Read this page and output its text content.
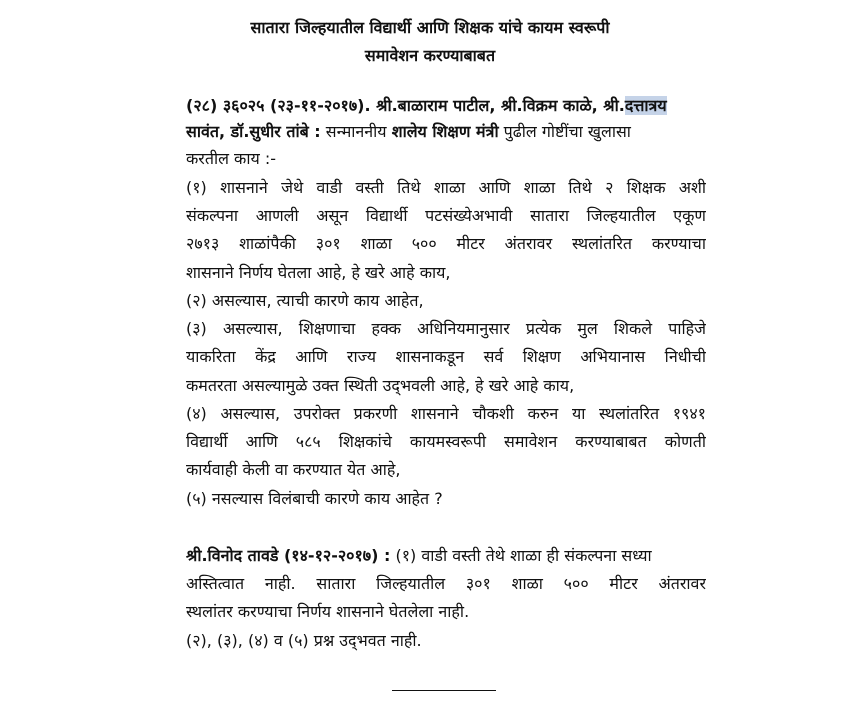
सातारा जिल्हयातील विद्यार्थी आणि शिक्षक यांचे कायम स्वरूपी
समावेशन करण्याबाबत
(२८) ३६०२५ (२३-११-२०१७). श्री.बाळाराम पाटील, श्री.विक्रम काळे, श्री.दत्तात्रय
सावंत, डॉ.सुधीर तांबे : सन्माननीय शालेय शिक्षण मंत्री पुढील गोष्टींचा खुलासा
करतील काय :-
(१) शासनाने जेथे वाडी वस्ती तिथे शाळा आणि शाळा तिथे २ शिक्षक अशी
संकल्पना आणली असून विद्यार्थी पटसंख्येअभावी सातारा जिल्हयातील एकूण
२७१३ शाळांपैकी ३०१ शाळा ५०० मीटर अंतरावर स्थलांतरित करण्याचा
शासनाने निर्णय घेतला आहे, हे खरे आहे काय,
(२) असल्यास, त्याची कारणे काय आहेत,
(३) असल्यास, शिक्षणाचा हक्क अधिनियमानुसार प्रत्येक मुल शिकले पाहिजे
याकरिता केंद्र आणि राज्य शासनाकडून सर्व शिक्षण अभियानास निधीची
कमतरता असल्यामुळे उक्त स्थिती उद्‌भवली आहे, हे खरे आहे काय,
(४) असल्यास, उपरोक्त प्रकरणी शासनाने चौकशी करुन या स्थलांतरित १९४१
विद्यार्थी आणि ५८५ शिक्षकांचे कायमस्वरूपी समावेशन करण्याबाबत कोणती
कार्यवाही केली वा करण्यात येत आहे,
(५) नसल्यास विलंबाची कारणे काय आहेत ?
श्री.विनोद तावडे (१४-१२-२०१७) : (१) वाडी वस्ती तेथे शाळा ही संकल्पना सध्या
अस्तित्वात नाही. सातारा जिल्हयातील ३०१ शाळा ५०० मीटर अंतरावर
स्थलांतर करण्याचा निर्णय शासनाने घेतलेला नाही.
(२), (३), (४) व (५) प्रश्न उद्‌भवत नाही.
